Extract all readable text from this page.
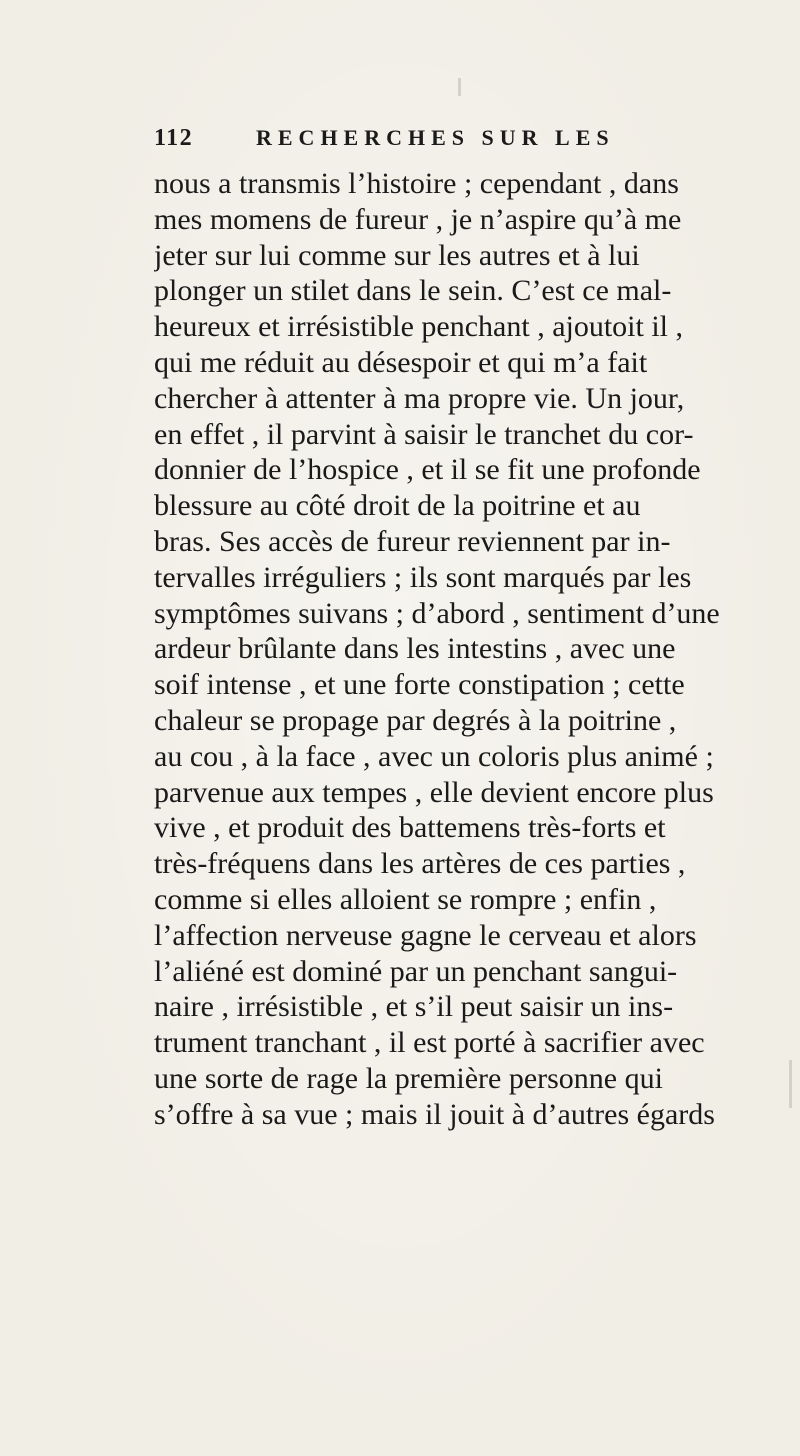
112	RECHERCHES SUR LES
nous a transmis l’histoire ; cependant , dans
mes momens de fureur , je n’aspire qu’à me
jeter sur lui comme sur les autres et à lui
plonger un stilet dans le sein. C’est ce mal-
heureux et irrésistible penchant , ajoutoit il ,
qui me réduit au désespoir et qui m’a fait
chercher à attenter à ma propre vie. Un jour,
en effet , il parvint à saisir le tranchet du cor-
donnier de l’hospice , et il se fit une profonde
blessure au côté droit de la poitrine et au
bras. Ses accès de fureur reviennent par in-
tervalles irréguliers ; ils sont marqués par les
symptômes suivans ; d’abord , sentiment d’une
ardeur brûlante dans les intestins , avec une
soif intense , et une forte constipation ; cette
chaleur se propage par degrés à la poitrine ,
au cou , à la face , avec un coloris plus animé ;
parvenue aux tempes , elle devient encore plus
vive , et produit des battemens très-forts et
très-fréquens dans les artères de ces parties ,
comme si elles alloient se rompre ; enfin ,
l’affection nerveuse gagne le cerveau et alors
l’aliéné est dominé par un penchant sangui-
naire , irrésistible , et s’il peut saisir un ins-
trument tranchant , il est porté à sacrifier avec
une sorte de rage la première personne qui
s’offre à sa vue ; mais il jouit à d’autres égards
